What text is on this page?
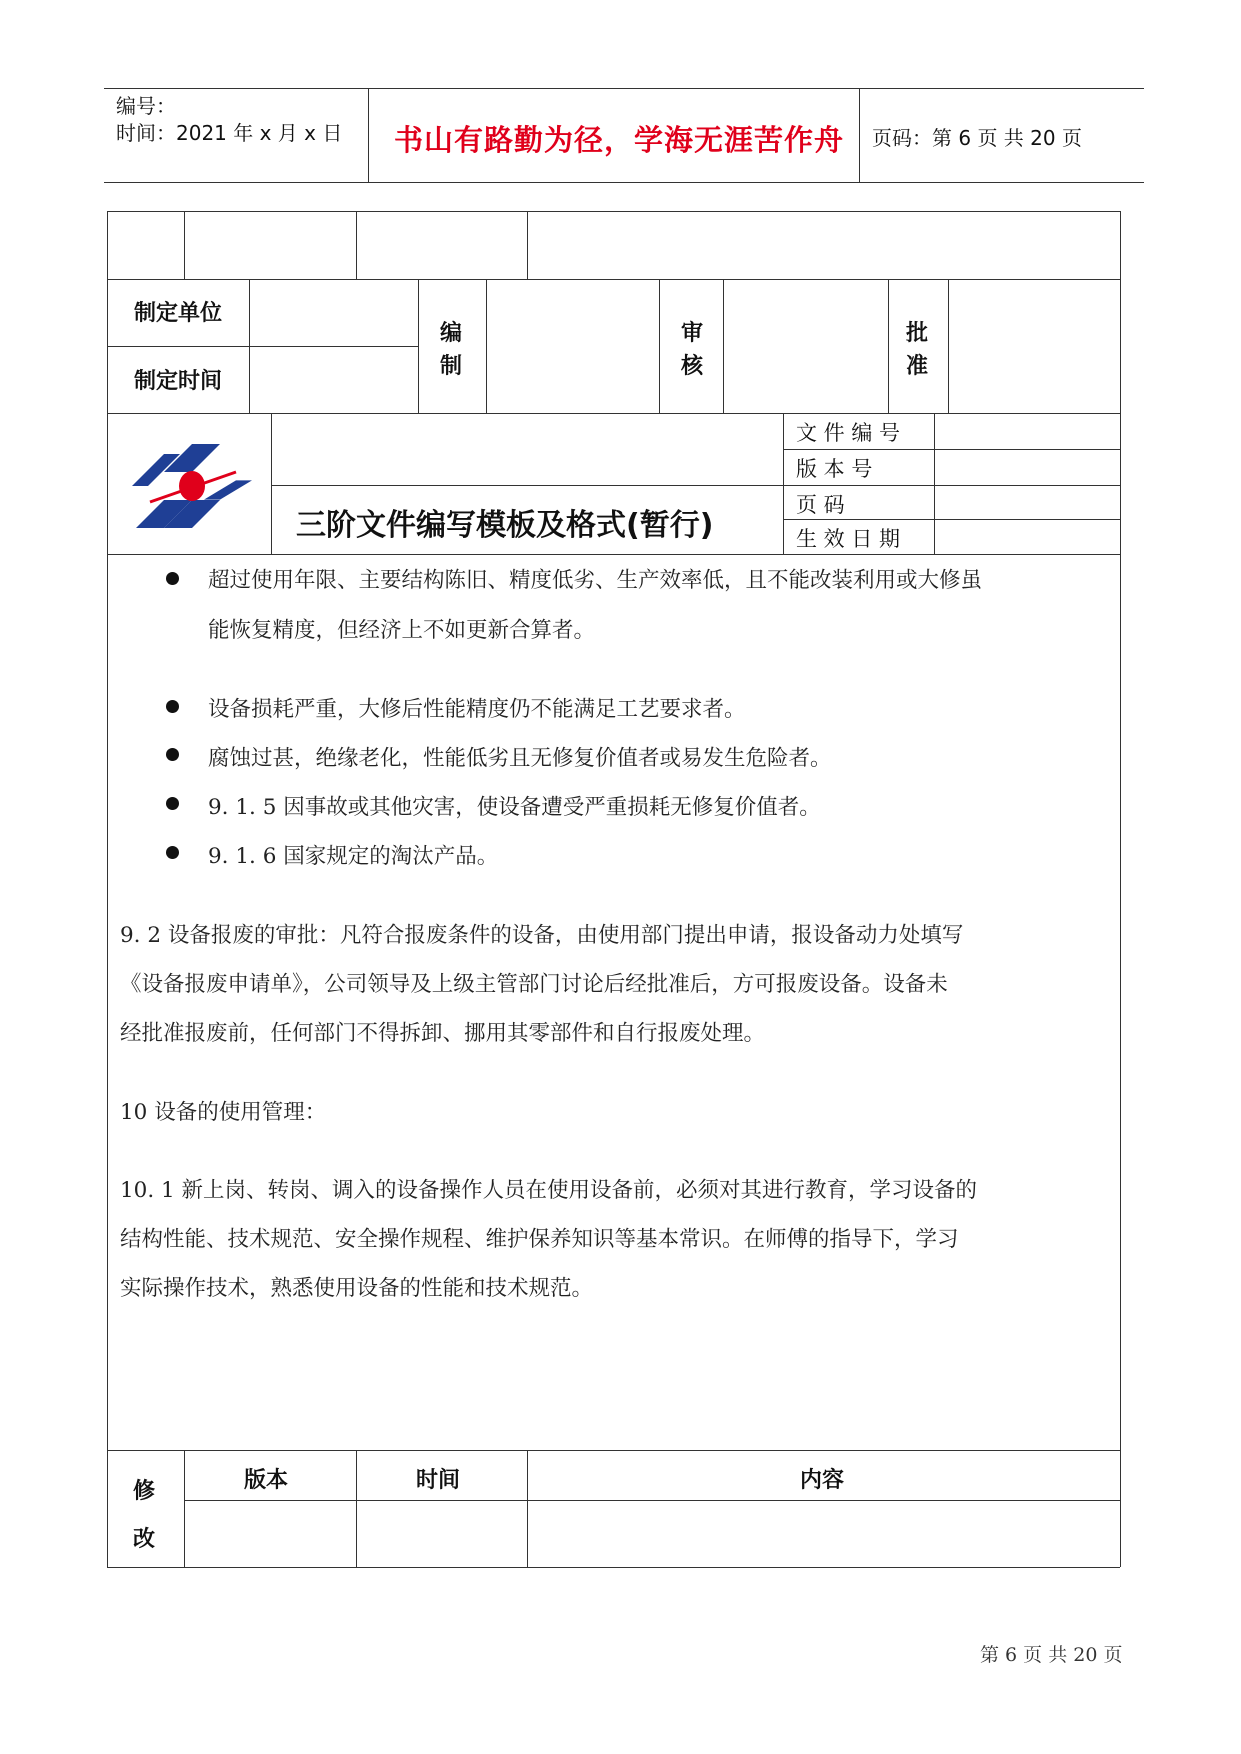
编号：
时间：2021 年 x 月 x 日 书山有路勤为径，学海无涯苦作舟 页码：第 6 页 共 20 页
制定单位
制定时间
编
制
审
核
批
准
三阶文件编写模板及格式(暂行)
文 件 编 号
版 本 号
页 码
生 效 日 期
超过使用年限、主要结构陈旧、精度低劣、生产效率低，且不能改装利用或大修虽
能恢复精度，但经济上不如更新合算者。
设备损耗严重，大修后性能精度仍不能满足工艺要求者。
腐蚀过甚，绝缘老化，性能低劣且无修复价值者或易发生危险者。
9. 1. 5 因事故或其他灾害，使设备遭受严重损耗无修复价值者。
9. 1. 6 国家规定的淘汰产品。
9. 2 设备报废的审批：凡符合报废条件的设备，由使用部门提出申请，报设备动力处填写
《设备报废申请单》，公司领导及上级主管部门讨论后经批准后，方可报废设备。设备未
经批准报废前，任何部门不得拆卸、挪用其零部件和自行报废处理。
10 设备的使用管理：
10. 1 新上岗、转岗、调入的设备操作人员在使用设备前，必须对其进行教育，学习设备的
结构性能、技术规范、安全操作规程、维护保养知识等基本常识。在师傅的指导下，学习
实际操作技术，熟悉使用设备的性能和技术规范。
修
改
版本	时间	内容
第 6 页 共 20 页
